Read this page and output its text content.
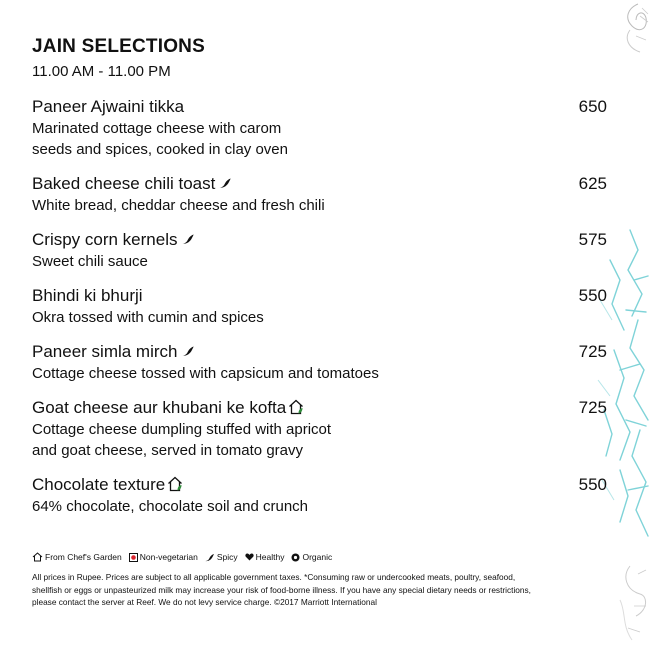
JAIN SELECTIONS
11.00 AM - 11.00 PM
Paneer Ajwaini tikka	650
Marinated cottage cheese with carom
seeds and spices, cooked in clay oven
Baked cheese chili toast	625
White bread, cheddar cheese and fresh chili
Crispy corn kernels	575
Sweet chili sauce
Bhindi ki bhurji	550
Okra tossed with cumin and spices
Paneer simla mirch	725
Cottage cheese tossed with capsicum and tomatoes
Goat cheese aur khubani ke kofta	725
Cottage cheese dumpling stuffed with apricot
and goat cheese, served in tomato gravy
Chocolate texture	550
64% chocolate, chocolate soil and crunch
From Chef's Garden Non-vegetarian Spicy Healthy Organic
All prices in Rupee. Prices are subject to all applicable government taxes. *Consuming raw or undercooked meats, poultry, seafood,
shellfish or eggs or unpasteurized milk may increase your risk of food-borne illness. If you have any special dietary needs or restrictions,
please contact the server at Reef. We do not levy service charge. ©2017 Marriott International
